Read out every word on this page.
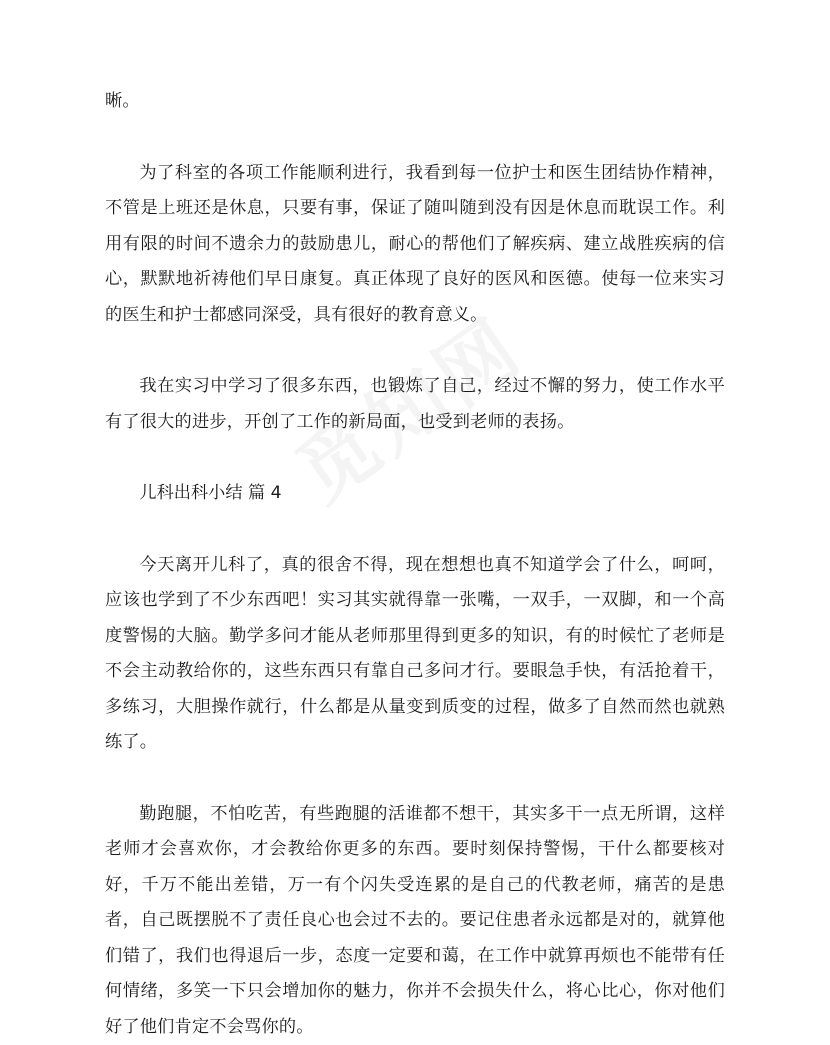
晰。

为了科室的各项工作能顺利进行，我看到每一位护士和医生团结协作精神，不管是上班还是休息，只要有事，保证了随叫随到没有因是休息而耽误工作。利用有限的时间不遗余力的鼓励患儿，耐心的帮他们了解疾病、建立战胜疾病的信心，默默地祈祷他们早日康复。真正体现了良好的医风和医德。使每一位来实习的医生和护士都感同深受，具有很好的教育意义。

我在实习中学习了很多东西，也锻炼了自己，经过不懈的努力，使工作水平有了很大的进步，开创了工作的新局面，也受到老师的表扬。

儿科出科小结 篇 4

今天离开儿科了，真的很舍不得，现在想想也真不知道学会了什么，呵呵，应该也学到了不少东西吧！实习其实就得靠一张嘴，一双手，一双脚，和一个高度警惕的大脑。勤学多问才能从老师那里得到更多的知识，有的时候忙了老师是不会主动教给你的，这些东西只有靠自己多问才行。要眼急手快，有活抢着干，多练习，大胆操作就行，什么都是从量变到质变的过程，做多了自然而然也就熟练了。

勤跑腿，不怕吃苦，有些跑腿的活谁都不想干，其实多干一点无所谓，这样老师才会喜欢你，才会教给你更多的东西。要时刻保持警惕，干什么都要核对好，千万不能出差错，万一有个闪失受连累的是自己的代教老师，痛苦的是患者，自己既摆脱不了责任良心也会过不去的。要记住患者永远都是对的，就算他们错了，我们也得退后一步，态度一定要和蔼，在工作中就算再烦也不能带有任何情绪，多笑一下只会增加你的魅力，你并不会损失什么，将心比心，你对他们好了他们肯定不会骂你的。
